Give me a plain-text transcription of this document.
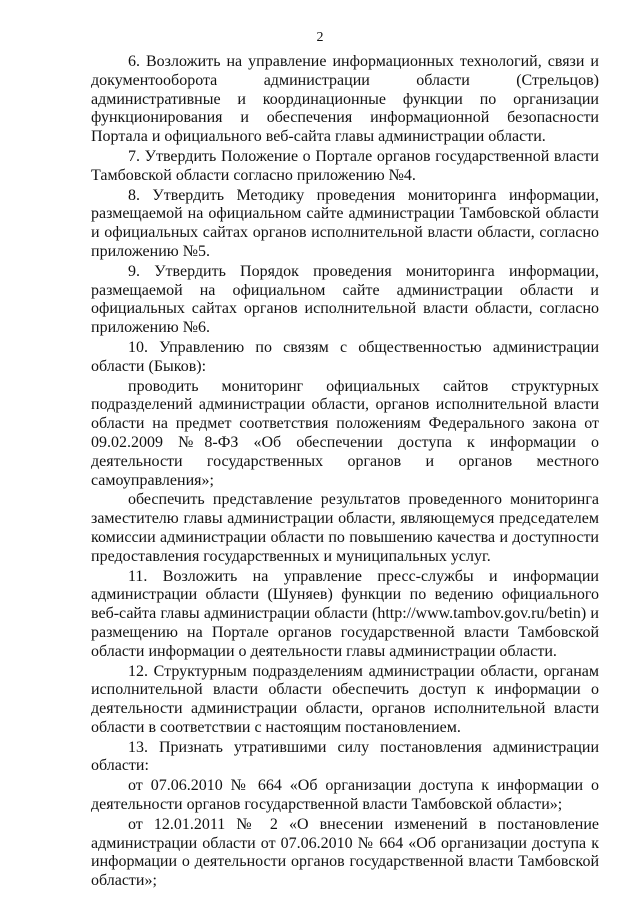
2

6. Возложить на управление информационных технологий, связи и документооборота администрации области (Стрельцов) административные и координационные функции по организации функционирования и обеспечения информационной безопасности Портала и официального веб-сайта главы администрации области.

7. Утвердить Положение о Портале органов государственной власти Тамбовской области согласно приложению №4.

8. Утвердить Методику проведения мониторинга информации, размещаемой на официальном сайте администрации Тамбовской области и официальных сайтах органов исполнительной власти области, согласно приложению №5.

9. Утвердить Порядок проведения мониторинга информации, размещаемой на официальном сайте администрации области и официальных сайтах органов исполнительной власти области, согласно приложению №6.

10. Управлению по связям с общественностью администрации области (Быков):

проводить мониторинг официальных сайтов структурных подразделений администрации области, органов исполнительной власти области на предмет соответствия положениям Федерального закона от 09.02.2009 №8-ФЗ «Об обеспечении доступа к информации о деятельности государственных органов и органов местного самоуправления»;

обеспечить представление результатов проведенного мониторинга заместителю главы администрации области, являющемуся председателем комиссии администрации области по повышению качества и доступности предоставления государственных и муниципальных услуг.

11. Возложить на управление пресс-службы и информации администрации области (Шуняев) функции по ведению официального веб-сайта главы администрации области (http://www.tambov.gov.ru/betin) и размещению на Портале органов государственной власти Тамбовской области информации о деятельности главы администрации области.

12. Структурным подразделениям администрации области, органам исполнительной власти области обеспечить доступ к информации о деятельности администрации области, органов исполнительной власти области в соответствии с настоящим постановлением.

13. Признать утратившими силу постановления администрации области:

от 07.06.2010 № 664 «Об организации доступа к информации о деятельности органов государственной власти Тамбовской области»;

от 12.01.2011 № 2 «О внесении изменений в постановление администрации области от 07.06.2010 № 664 «Об организации доступа к информации о деятельности органов государственной власти Тамбовской области»;
